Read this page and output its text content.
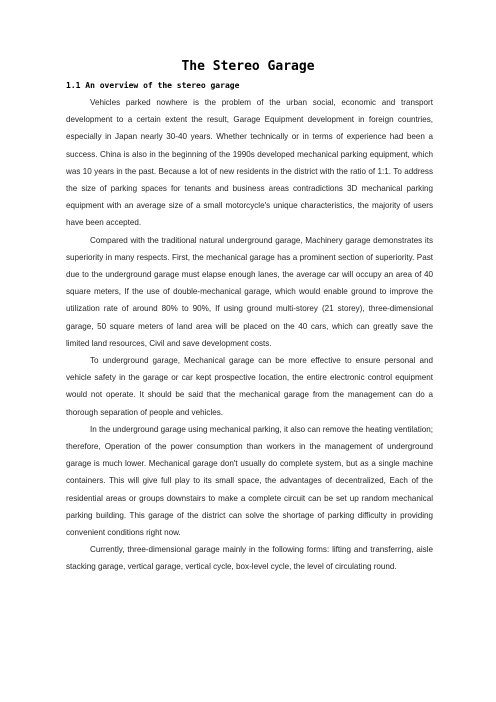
The Stereo Garage
1.1 An overview of the stereo garage

Vehicles parked nowhere is the problem of the urban social, economic and transport development to a certain extent the result, Garage Equipment development in foreign countries, especially in Japan nearly 30-40 years. Whether technically or in terms of experience had been a success. China is also in the beginning of the 1990s developed mechanical parking equipment, which was 10 years in the past. Because a lot of new residents in the district with the ratio of 1:1. To address the size of parking spaces for tenants and business areas contradictions 3D mechanical parking equipment with an average size of a small motorcycle's unique characteristics, the majority of users have been accepted.

Compared with the traditional natural underground garage, Machinery garage demonstrates its superiority in many respects. First, the mechanical garage has a prominent section of superiority. Past due to the underground garage must elapse enough lanes, the average car will occupy an area of 40 square meters, If the use of double-mechanical garage, which would enable ground to improve the utilization rate of around 80% to 90%, If using ground multi-storey (21 storey), three-dimensional garage, 50 square meters of land area will be placed on the 40 cars, which can greatly save the limited land resources, Civil and save development costs.

To underground garage, Mechanical garage can be more effective to ensure personal and vehicle safety in the garage or car kept prospective location, the entire electronic control equipment would not operate. It should be said that the mechanical garage from the management can do a thorough separation of people and vehicles.

In the underground garage using mechanical parking, it also can remove the heating ventilation; therefore, Operation of the power consumption than workers in the management of underground garage is much lower. Mechanical garage don't usually do complete system, but as a single machine containers. This will give full play to its small space, the advantages of decentralized, Each of the residential areas or groups downstairs to make a complete circuit can be set up random mechanical parking building. This garage of the district can solve the shortage of parking difficulty in providing convenient conditions right now.

Currently, three-dimensional garage mainly in the following forms: lifting and transferring, aisle stacking garage, vertical garage, vertical cycle, box-level cycle, the level of circulating round.
